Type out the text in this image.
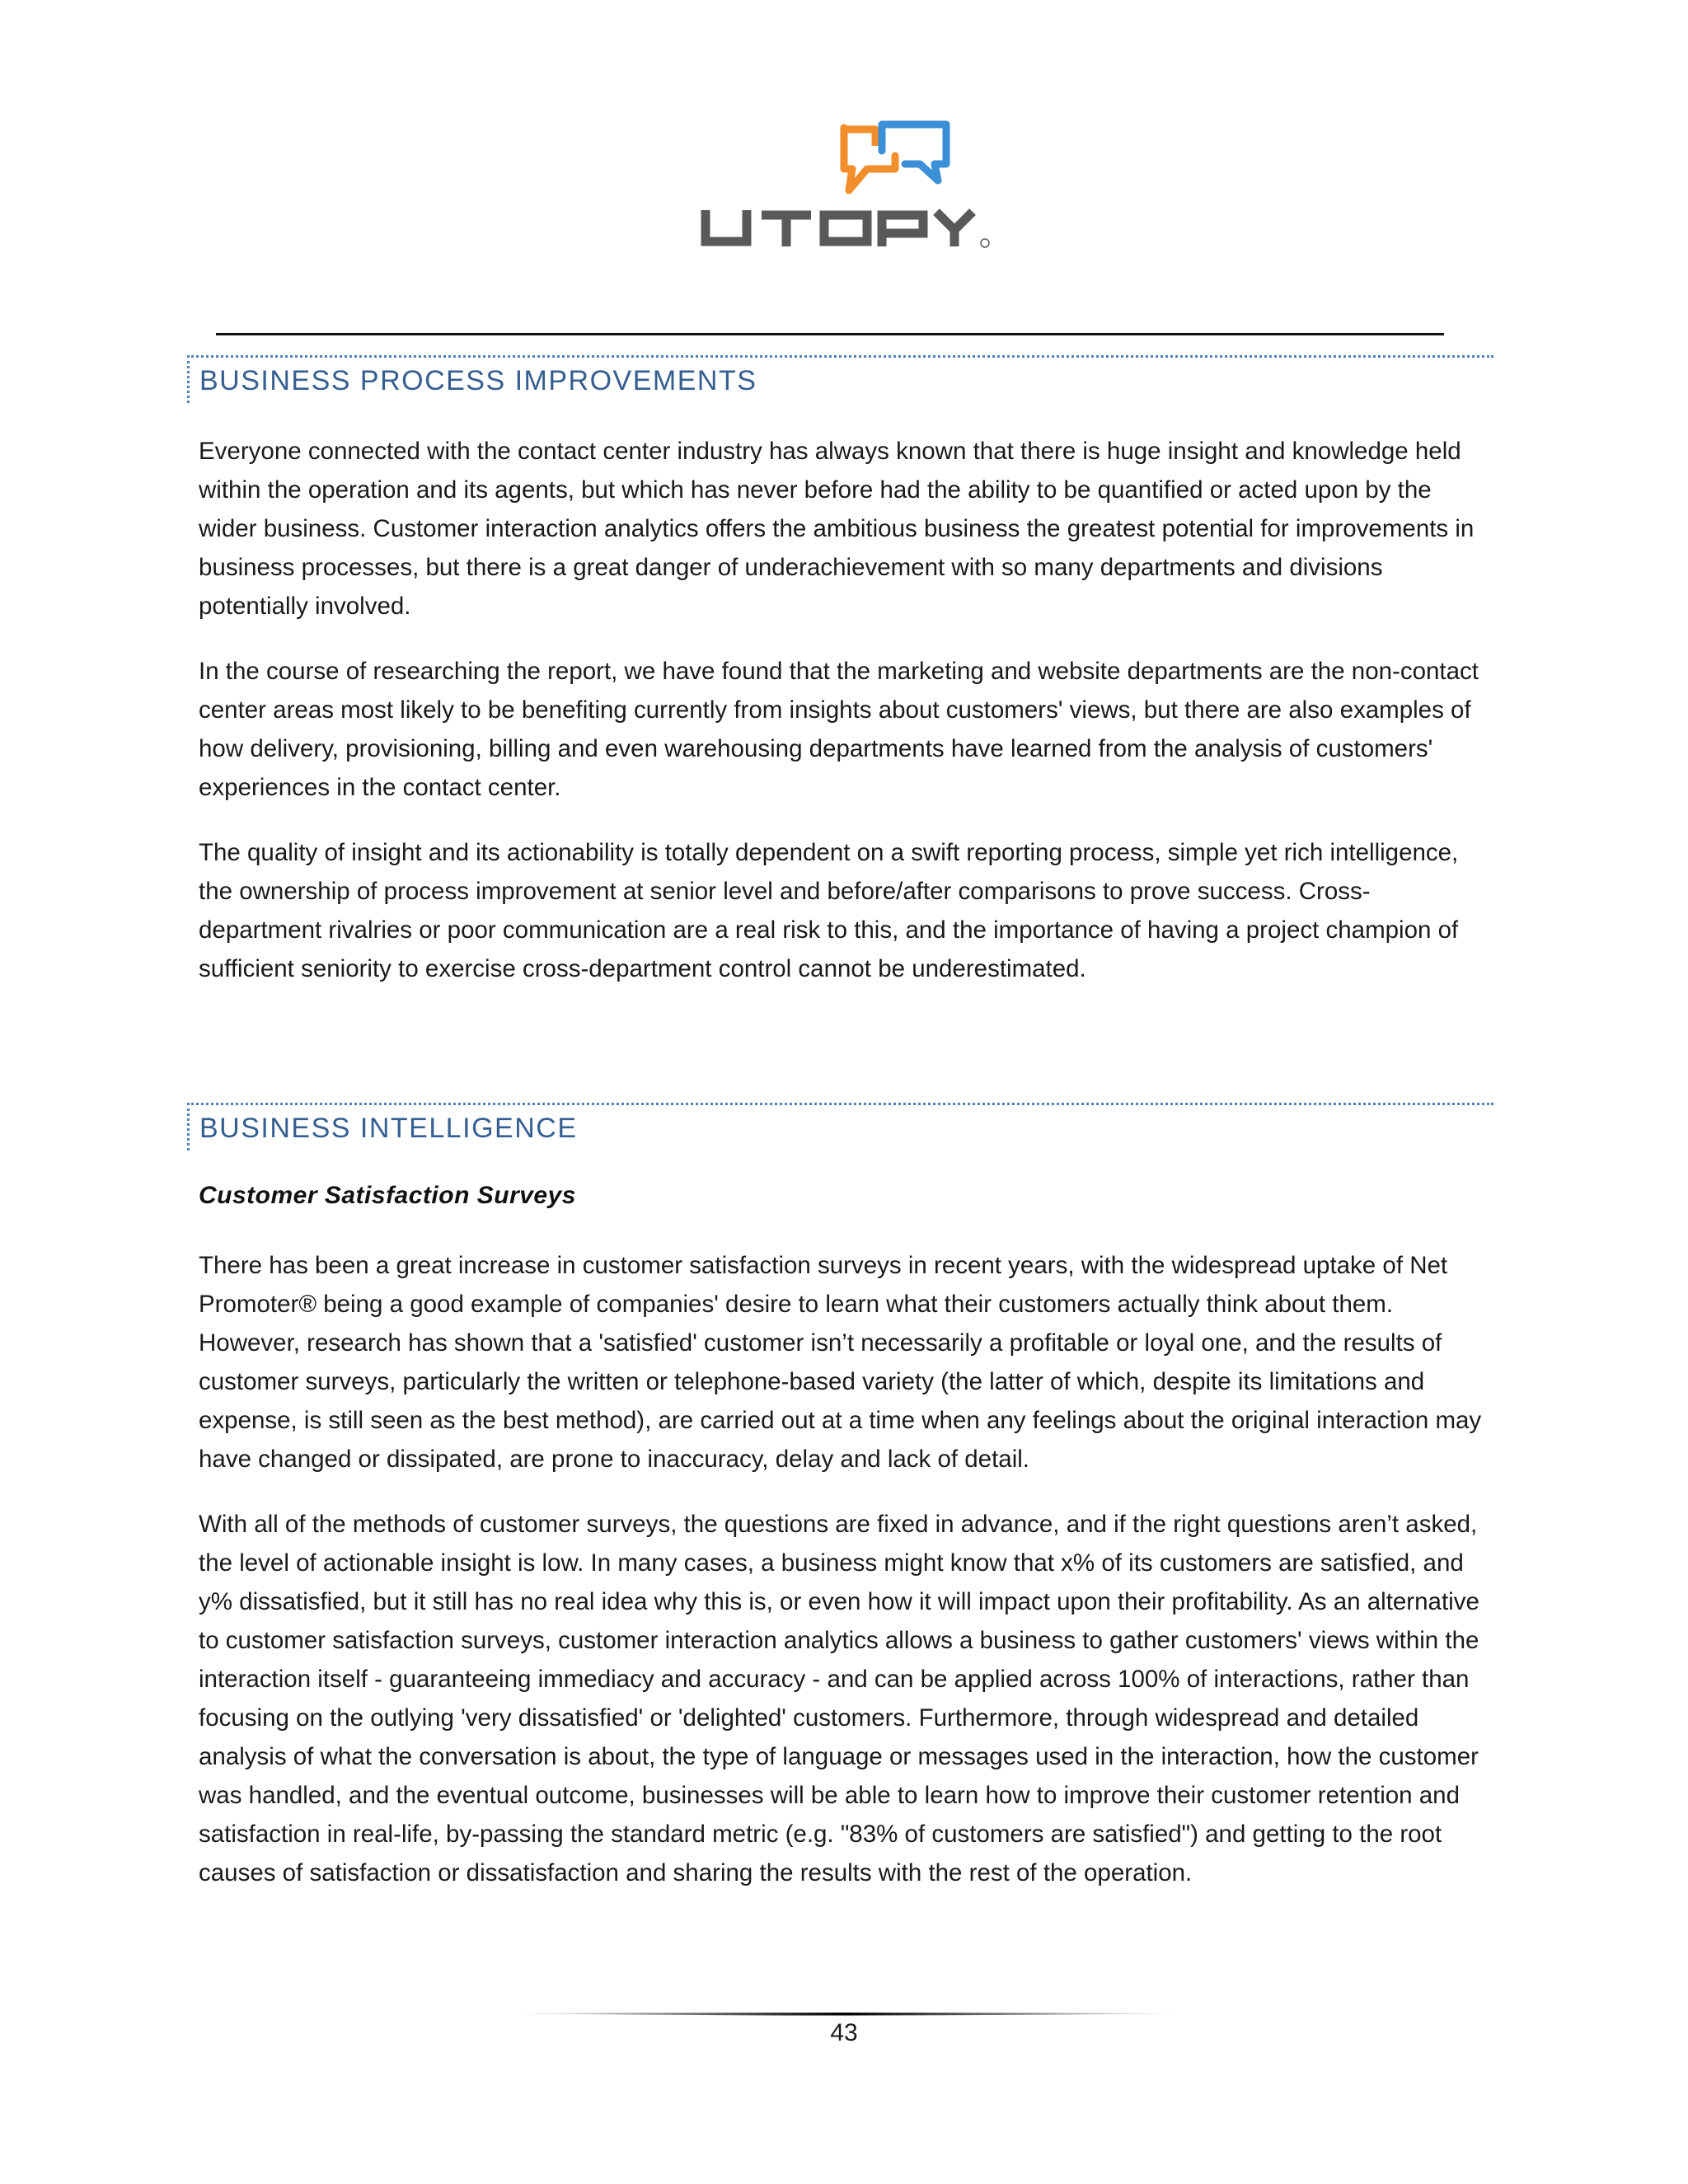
BUSINESS PROCESS IMPROVEMENTS

Everyone connected with the contact center industry has always known that there is huge insight and knowledge held within the operation and its agents, but which has never before had the ability to be quantified or acted upon by the wider business. Customer interaction analytics offers the ambitious business the greatest potential for improvements in business processes, but there is a great danger of underachievement with so many departments and divisions potentially involved.

In the course of researching the report, we have found that the marketing and website departments are the non-contact center areas most likely to be benefiting currently from insights about customers' views, but there are also examples of how delivery, provisioning, billing and even warehousing departments have learned from the analysis of customers' experiences in the contact center.

The quality of insight and its actionability is totally dependent on a swift reporting process, simple yet rich intelligence, the ownership of process improvement at senior level and before/after comparisons to prove success. Cross-department rivalries or poor communication are a real risk to this, and the importance of having a project champion of sufficient seniority to exercise cross-department control cannot be underestimated.

BUSINESS INTELLIGENCE
Customer Satisfaction Surveys

There has been a great increase in customer satisfaction surveys in recent years, with the widespread uptake of Net Promoter® being a good example of companies' desire to learn what their customers actually think about them. However, research has shown that a 'satisfied' customer isn’t necessarily a profitable or loyal one, and the results of customer surveys, particularly the written or telephone-based variety (the latter of which, despite its limitations and expense, is still seen as the best method), are carried out at a time when any feelings about the original interaction may have changed or dissipated, are prone to inaccuracy, delay and lack of detail.

With all of the methods of customer surveys, the questions are fixed in advance, and if the right questions aren’t asked, the level of actionable insight is low. In many cases, a business might know that x% of its customers are satisfied, and y% dissatisfied, but it still has no real idea why this is, or even how it will impact upon their profitability. As an alternative to customer satisfaction surveys, customer interaction analytics allows a business to gather customers' views within the interaction itself - guaranteeing immediacy and accuracy - and can be applied across 100% of interactions, rather than focusing on the outlying 'very dissatisfied' or 'delighted' customers. Furthermore, through widespread and detailed analysis of what the conversation is about, the type of language or messages used in the interaction, how the customer was handled, and the eventual outcome, businesses will be able to learn how to improve their customer retention and satisfaction in real-life, by-passing the standard metric (e.g. "83% of customers are satisfied") and getting to the root causes of satisfaction or dissatisfaction and sharing the results with the rest of the operation.

43
